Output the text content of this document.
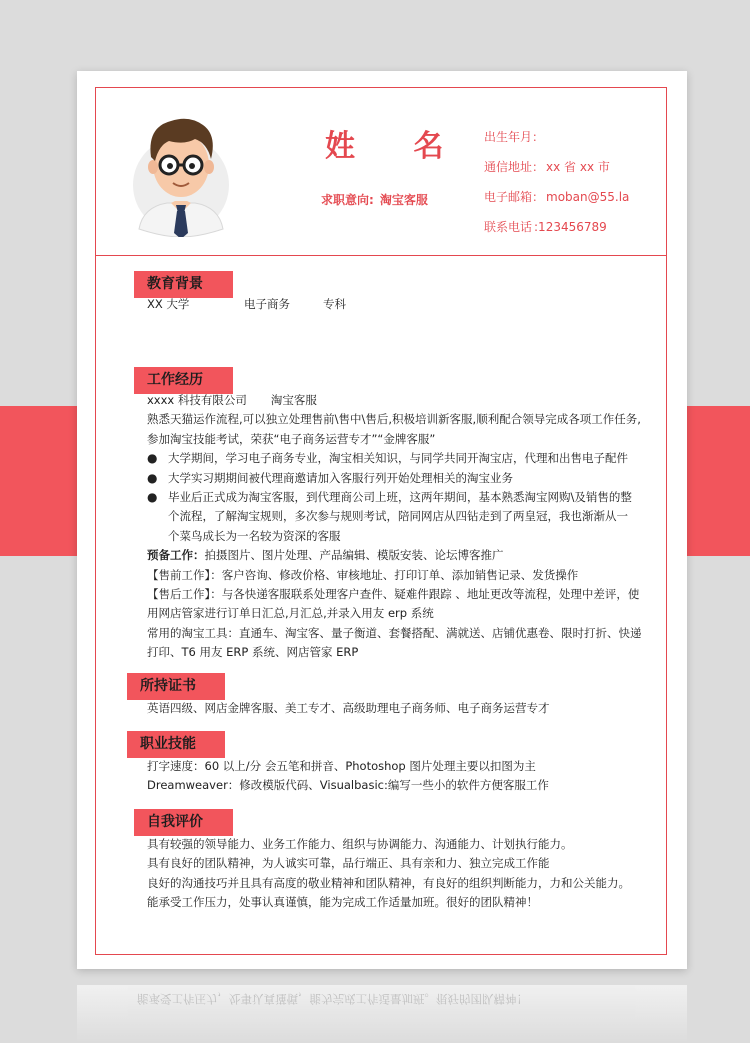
姓 名
求职意向: 淘宝客服
出生年月：
通信地址： xx 省 xx 市
电子邮箱： moban@55.la
联系电话 :123456789
教育背景
XX 大学	电子商务	专科
工作经历
xxxx 科技有限公司 淘宝客服
熟悉天猫运作流程,可以独立处理售前\售中\售后,积极培训新客服,顺利配合领导完成各项工作任务,
参加淘宝技能考试，荣获“电子商务运营专才”“金牌客服”
● 大学期间，学习电子商务专业，淘宝相关知识，与同学共同开淘宝店，代理和出售电子配件
● 大学实习期期间被代理商邀请加入客服行列开始处理相关的淘宝业务
● 毕业后正式成为淘宝客服，到代理商公司上班，这两年期间，基本熟悉淘宝网购\及销售的整个流程，了解淘宝规则，多次参与规则考试，陪同网店从四钻走到了两皇冠，我也渐渐从一个菜鸟成长为一名较为资深的客服
预备工作：拍摄图片、图片处理、产品编辑、模版安装、论坛博客推广
【售前工作】：客户咨询、修改价格、审核地址、打印订单、添加销售记录、发货操作
【售后工作】：与各快递客服联系处理客户查件、疑难件跟踪 、地址更改等流程，处理中差评，使
用网店管家进行订单日汇总,月汇总,并录入用友 erp 系统
常用的淘宝工具：直通车、淘宝客、量子衡道、套餐搭配、满就送、店铺优惠卷、限时打折、快递
打印、T6 用友 ERP 系统、网店管家 ERP
所持证书
英语四级、网店金牌客服、美工专才、高级助理电子商务师、电子商务运营专才
职业技能
打字速度：60 以上/分 会五笔和拼音、Photoshop 图片处理主要以扣图为主
Dreamweaver：修改模版代码、Visualbasic:编写一些小的软件方便客服工作
自我评价
具有较强的领导能力、业务工作能力、组织与协调能力、沟通能力、计划执行能力。
具有良好的团队精神，为人诚实可靠，品行端正、具有亲和力、独立完成工作能
良好的沟通技巧并且具有高度的敬业精神和团队精神，有良好的组织判断能力，力和公关能力。
能承受工作压力，处事认真谨慎，能为完成工作适量加班。很好的团队精神！
能承受工作压力，处事认真谨慎，能为完成工作适量加班。很好的团队精神！
